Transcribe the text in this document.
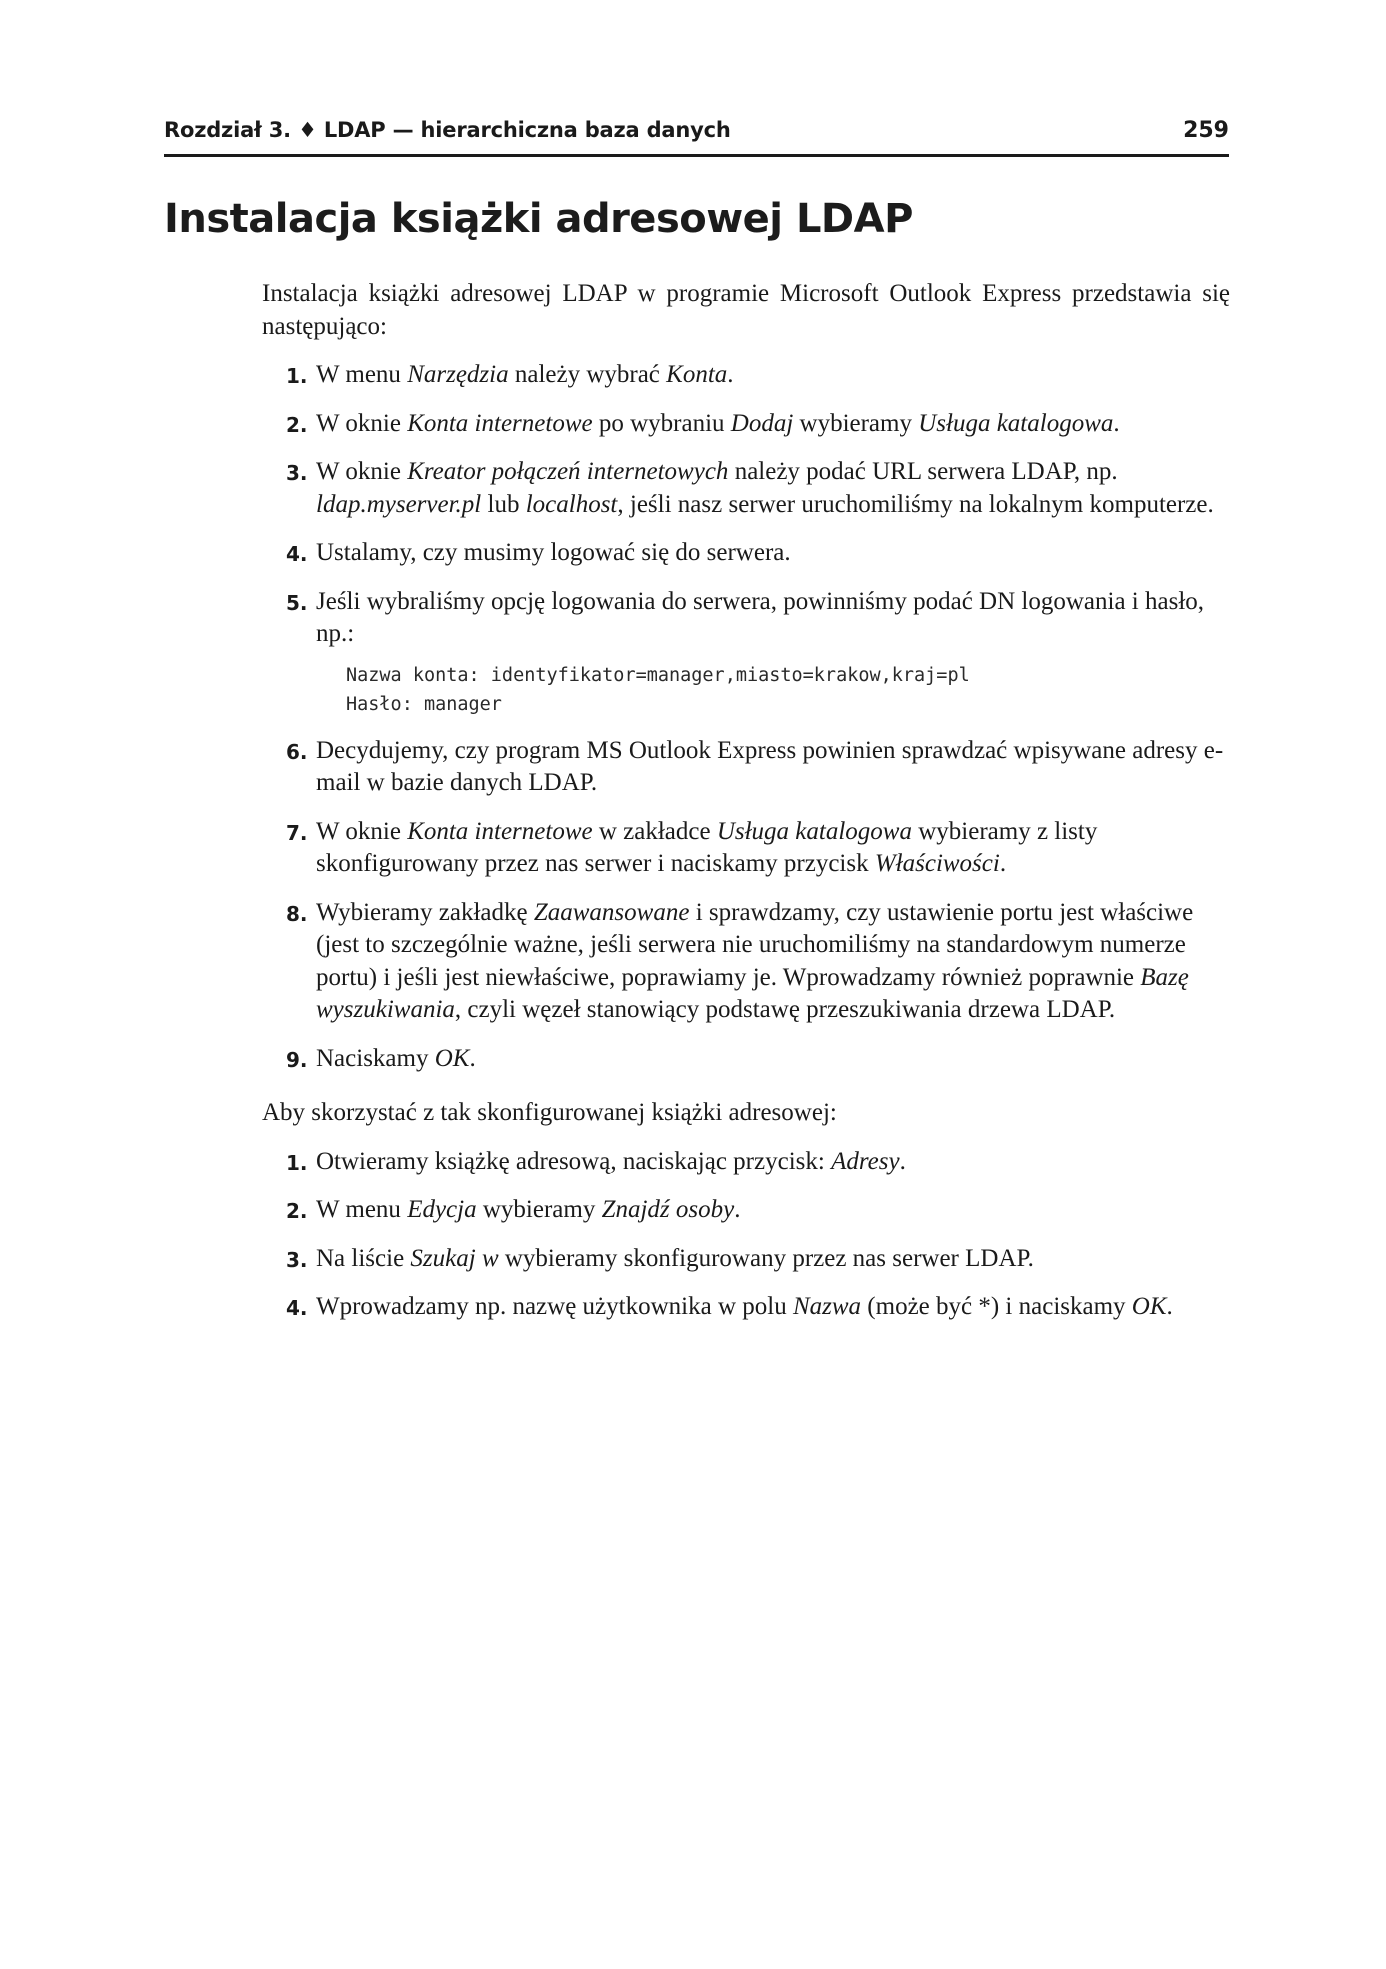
Rozdział 3. ♦ LDAP — hierarchiczna baza danych	259
Instalacja książki adresowej LDAP

Instalacja książki adresowej LDAP w programie Microsoft Outlook Express przedstawia się następująco:

1. W menu Narzędzia należy wybrać Konta.
2. W oknie Konta internetowe po wybraniu Dodaj wybieramy Usługa katalogowa.
3. W oknie Kreator połączeń internetowych należy podać URL serwera LDAP, np. ldap.myserver.pl lub localhost, jeśli nasz serwer uruchomiliśmy na lokalnym komputerze.
4. Ustalamy, czy musimy logować się do serwera.
5. Jeśli wybraliśmy opcję logowania do serwera, powinniśmy podać DN logowania i hasło, np.:
Nazwa konta: identyfikator=manager,miasto=krakow,kraj=pl
Hasło: manager
6. Decydujemy, czy program MS Outlook Express powinien sprawdzać wpisywane adresy e-mail w bazie danych LDAP.
7. W oknie Konta internetowe w zakładce Usługa katalogowa wybieramy z listy skonfigurowany przez nas serwer i naciskamy przycisk Właściwości.
8. Wybieramy zakładkę Zaawansowane i sprawdzamy, czy ustawienie portu jest właściwe (jest to szczególnie ważne, jeśli serwera nie uruchomiliśmy na standardowym numerze portu) i jeśli jest niewłaściwe, poprawiamy je. Wprowadzamy również poprawnie Bazę wyszukiwania, czyli węzeł stanowiący podstawę przeszukiwania drzewa LDAP.
9. Naciskamy OK.

Aby skorzystać z tak skonfigurowanej książki adresowej:

1. Otwieramy książkę adresową, naciskając przycisk: Adresy.
2. W menu Edycja wybieramy Znajdź osoby.
3. Na liście Szukaj w wybieramy skonfigurowany przez nas serwer LDAP.
4. Wprowadzamy np. nazwę użytkownika w polu Nazwa (może być *) i naciskamy OK.
